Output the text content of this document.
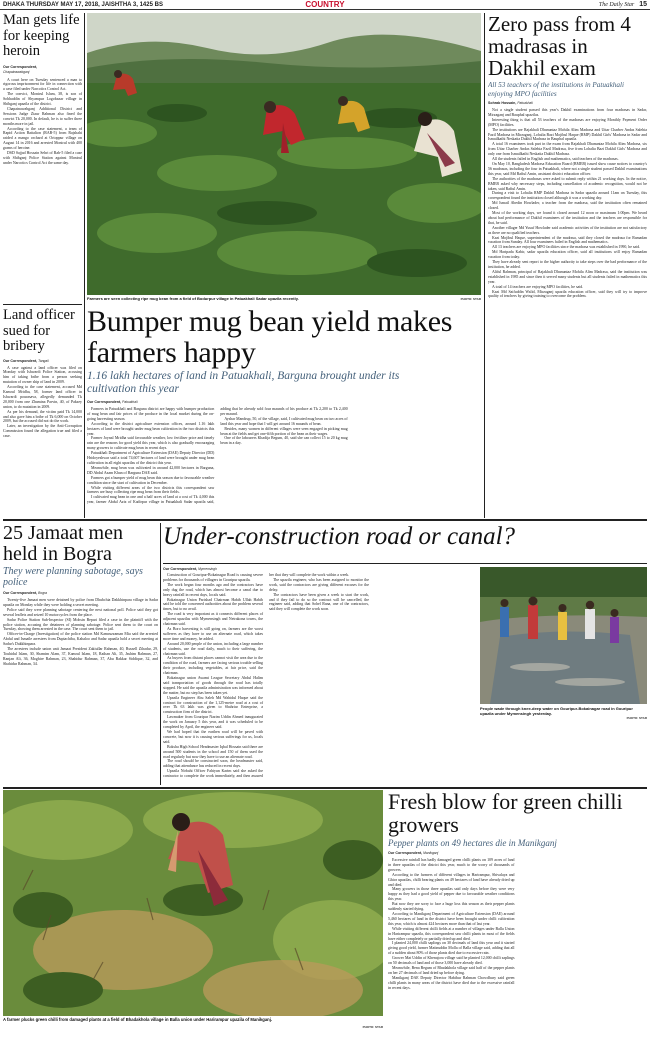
DHAKA THURSDAY MAY 17, 2018, JAISHTHA 3, 1425 BS	COUNTRY	The Daily Star 15
Man gets life for keeping heroin
Our Correspondent,
Chapainawabganj

A court here on Tuesday sentenced a man to rigorous imprisonment for life in connection with a case filed under Narcotics Control Act.

The convict, Monirul Islam, 38, is son of Sobhaddin of Shyampur Logobazar village in Shibganj upazila of the district.

Chapainawabganj Additional District and Sessions Judge Ziaur Rahman also fined the convict Tk 20,000. In default, he is to suffer three months more in jail.

According to the case statement, a team of Rapid Action Battalion (RAB-5) from Rajshahi raided a mango orchard at Ortoppur village on August 14 in 2016 and arrested Monirul with 400 grams of heroine.

DSD Sajjad Hossain Sehri of Rab-5 filed a case with Shibganj Police Station against Monirul under Narcotics Control Act the same day.

Land officer sued for bribery
Our Correspondent, Tangail

A case against a land officer was filed on Monday with Ishwardi Police Station, accusing him of taking bribe from a person seeking mutation of owner ship of land in 2009.

According to the case statement, accused Md Kamrul Mridha, 58, former land officer in Ishwardi pourasava, allegedly demanded Tk 20,000 from one Zhamina Parvin, 40, of Paksey union, to do mutation in 2009.

As per his demand, the victim paid Tk 14,000 and also gave him a bribe of Tk 6,000 on October 2009, but the accused did not do the work.

Later, an investigation by the Anti-Corruption Commission found the allegation true and filed a case.

Farmers are seen collecting ripe mug bean from a field of Bodurpur village in Patuakhali Sadar upazila recently.	PHOTO: STAR
Bumper mug bean yield makes farmers happy
1.16 lakh hectares of land in Patuakhali, Barguna brought under its cultivation this year
Our Correspondent, Patuakhali

Farmers in Patuakhali and Barguna district are happy with bumper production of mug bean and fair prices of the produce in the local market during the on-going harvesting season.

According to the district agriculture extension offices, around 1.16 lakh hectares of land were brought under mug bean cultivation in the two districts this year.

Farmer Joynal Mridha said favourable weather, low fertiliser price and timely rain are the reasons for good yield this year, which is also gradually encouraging many growers to cultivate mug bean in recent days.

Patuakhali Department of Agriculture Extension (DAE) Deputy Director (DD) Hridoyeshwar said a total 74,607 hectares of land were brought under mug bean cultivation in all eight upazilas of the district this year.

Meanwhile, mug bean was cultivated in around 42,000 hectares in Barguna, DD Abdul Azam Khan of Barguna DAE said.

Farmers got a bumper yield of mug bean this season due to favourable weather condition since the start of cultivation in December.

While visiting different areas of the two districts this correspondent saw farmers are busy collecting ripe mug bean from their fields.

I cultivated mug bean in one and a half acres of land at a cost of Tk 4,000 this year, farmer Abdul Aziz of Kadirpur village in Patuakhali Sadar upazila said, adding that he already sold four maunds of his produce at Tk 2,200 to Tk 2,400 per maund.

Ayshar Mandrup, 50, of the village, said, I cultivated mug bean on two acres of land this year and hope that I will get around 16 maunds of bean.

Besides, many women in different villages were seen engaged in picking mug bean at the fields and get one-fifth portion of the bean as their wages.

One of the labourers Khadija Begum, 40, said she can collect 15 to 20 kg mug bean in a day.

Zero pass from 4 madrasas in Dakhil exam
All 53 teachers of the institutions in Patuakhali enjoying MPO facilities
Sohrab Hossain, Patuakhali

Not a single student passed this year's Dakhil examinations from four madrasas in Sadar, Mirzaganj and Bauphal upazilas.

Interesting thing is that all 53 teachers of the madrasas are enjoying Monthly Payment Order (MPO) facilities.

The institutions are Rajakhali Dhanuntaz Mohila Alim Madrasa and Uttar Charber Andas Salehia Fazil Madrasa in Mirzaganj, Lohalia Bazi Mojibul Haque (RMP) Dakhil Girls' Madrasa in Sadar and Ismailkathi Neskatia Dakhil Madrasa in Bauphal upazila.

A total 16 examinees took part in the exam from Rajakhali Dhanuntaz Mohila Alim Madrasa, six from Uttar Charber Andas Salehia Fazil Madrasa, five from Lohalia Bazi Dakhil Girls' Madrasa and only one from Ismailkathi Neskatia Dakhil Madrasa.

All the students failed in English and mathematics, said teachers of the madrasas.

On May 10, Bangladesh Madrasa Education Board (BMEB) issued show cause notices to country's 56 madrasas, including the four in Patuakhali, where not a single student passed Dakhil examinations this year, said Md Rafiul Amin, assistant district education officer.

The authorities of the madrasas were asked to submit reply within 21 working days. In the notice, BMEB asked why necessary steps, including cancellation of academic recognition, would not be taken, said Rafiul Amin.

During a visit to Lohalia RMP Dakhil Madrasa in Sadar upazila around 11am on Tuesday, this correspondent found the institution closed although it was a working day.

Md Ismail Abedin Howlader, a teacher from the madrasa, said the institution often remained closed.

Most of the working days, we found it closed around 12 noon or maximum 1:00pm. We heard about bad performance of Dakhil examinees of the institution and the teachers are responsible for that, he said.

Another villager Md Yusuf Howlader said academic activities of the institution are not satisfactory as there are no qualified teachers.

Kazi Mojibul Haque, superintendent of the madrasa, said they closed the madrasa for Ramadan vacation from Sunday. All four examinees failed in English and mathematics.

All 13 teachers are enjoying MPO facilities since the madrasa was established in 1990, he said.

Md Haripada Kabir, sadar upazila education officer, said all institutions will enjoy Ramadan vacation from today.

They have already sent report to the higher authority to take steps over the bad performance of the institution, he added.

Aliful Rahman, principal of Rajakhali Dhanuntaz Mohila Alim Madrasa, said the institution was established in 1985 and since then it served many students but all students failed in mathematics this year.

A total of 14 teachers are enjoying MPO facilities, he said.

Kazi Md Saifuddin Walid, Mirzaganj upazila education officer, said they will try to improve quality of teachers by giving training to overcome the problem.

25 Jamaat men held in Bogra
They were planning sabotage, says police
Our Correspondent, Bogra

Twenty-five Jamaat men were detained by police from Dhubchia Dakkhinpara village in Sadar upazila on Monday while they were holding a secret meeting.

Police said they were planning sabotage centering the next national poll. Police said they got several leaflets and seized 10 motorcycles from the place.

Sadar Police Station Sub-Inspector (SI) Mohsin Bepari filed a case in the plaintiff with the police station, accusing the detainees of planning sabotage. Police sent them to the court on Tuesday, showing them arrested in the case. The court sent them to jail.

Officer-in-Charge (Investigation) of the police station Md Kamruzzaman Mia said the arrested Abdul and Ismaile arrestees from Duptachiba, Kahaloo and Sadar upazila hold a secret meeting at Sadar's Dakkhinpara.

The arrestees include union unit Jamaat President Zakiullar Rahman, 40, Russell Zihadar, 29, Touhidul Islam, 30, Shamim Alam, 37, Kamrul Islam, 18, Raihan Ali, 35, Jashim Rahman, 27, Ranjan Ali, 36, Moghire Rahman, 23, Shahidur Rahman, 37, Abu Bakkar Siddique, 32, and Shahidur Rahman, 34.

Under-construction road or canal?
Our Correspondent, Mymensingh

Construction of Gouripur-Bokainagar Road is causing severe problems for thousands of villagers in Gouripur upazila.

The work began four months ago and the contractors have only dug the road, which has almost become a canal due to heavy rainfall in recent days, locals said.

Bokainagar Union Parishad Chairman Habib Ullah Habib said he told the concerned authorities about the problem several times, but to no avail.

The road is very important as it connects different places of adjacent upazilas with Mymensingh and Netrakona towns, the chairman said.

As Boro harvesting is still going on, farmers are the worst sufferers as they have to use an alternate road, which takes more time and money, he added.

Around 20,000 people of the union, including a large number of students, use the road daily, much to their suffering, the chairman said.

As buyers from distant places cannot visit the area due to the condition of the road, farmers are facing serious trouble selling their produce, including vegetables, at fair price, said the chairman.

Bokainagar union Awami League Secretary Abdul Halim said transportation of goods through the road has totally stopped. He said the upazila administration was informed about the matter, but no step has been taken yet.

Upazila Engineer Abu Saleh Md Wahidul Haque said the contract for construction of the 1,125-metre road at a cost of over Tk 63 lakh was given to Shahriar Enterprise, a construction firm of the district.

Lawmaker from Gouripur Nazim Uddin Ahmed inaugurated the work on January 5 this year, and it was scheduled to be completed by April, the engineer said.

We had hoped that the earthen road will be paved with concrete, but now it is causing serious sufferings for us, locals said.

Boksha High School Headmaster Iqbal Hossain said there are around 500 students in the school and 150 of them used the road regularly but now they have to use an alternate road.

The road should be constructed soon, the headmaster said, adding that attendance has reduced in recent days.

Upazila Nirbahi Officer Fahiyun Karim said she asked the contractor to complete the work immediately, and then assured her that they will complete the work within a week.

The upazila engineer, who has been assigned to monitor the work, said the contractors are giving different excuses for the delay.

The contractors have been given a week to start the work, and if they fail to do so the contract will be cancelled, the engineer said, adding that Sohel Rana, one of the contractors, said they will complete the work soon.

People wade through knee-deep water on Gouripur-Bokainagar road in Gouripur upazila under Mymensingh yesterday.
PHOTO: STAR
A farmer plucks green chilli from damaged plants at a field of Bhadakhola village in Balla union under Harirampur upazila of Manikganj.
PHOTO: STAR
Fresh blow for green chilli growers
Pepper plants on 49 hectares die in Manikganj
Our Correspondent, Manikganj

Excessive rainfall has badly damaged green chilli plants on 109 acres of land in three upazilas of the district this year, much to the worry of thousands of growers.

According to the farmers of different villages in Harirampur, Shivalaya and Ghior upazilas, chilli bearing plants on 49 hectares of land have already dried up and died.

Many growers in those three upazilas said only days before they were very happy as they had a good yield of pepper due to favourable weather conditions this year.

But now they are sorry to face a huge loss this season as their pepper plants suddenly started dying.

According to Manikganj Department of Agriculture Extension (DAE) around 5,460 hectares of land in the district have been brought under chilli cultivation this year, which is almost 424 hectares more than that of last year.

While visiting different chilli fields at a number of villages under Balla Union in Harirampur upazila, this correspondent saw chilli plants in most of the fields have either completely or partially dried up and died.

I planted 24,000 chilli saplings on 30 decimals of land this year and it started giving good yield, farmer Matinuddin Molla of Balla village said, adding that all of a sudden about 80% of those plants died due to excessive rain.

Grower Mat Uddin of Khenajora village said he planted 12,000 chilli saplings on 50 decimals of land and of those 3,000 have already died.

Meanwhile, Bena Begum of Bhadakhola village said half of the pepper plants on her 27 decimals of land dried up before dying.

Manikganj DAE Deputy Director Habibur Rahman Chowdhury said green chilli plants in many areas of the district have died due to the excessive rainfall in recent days.
